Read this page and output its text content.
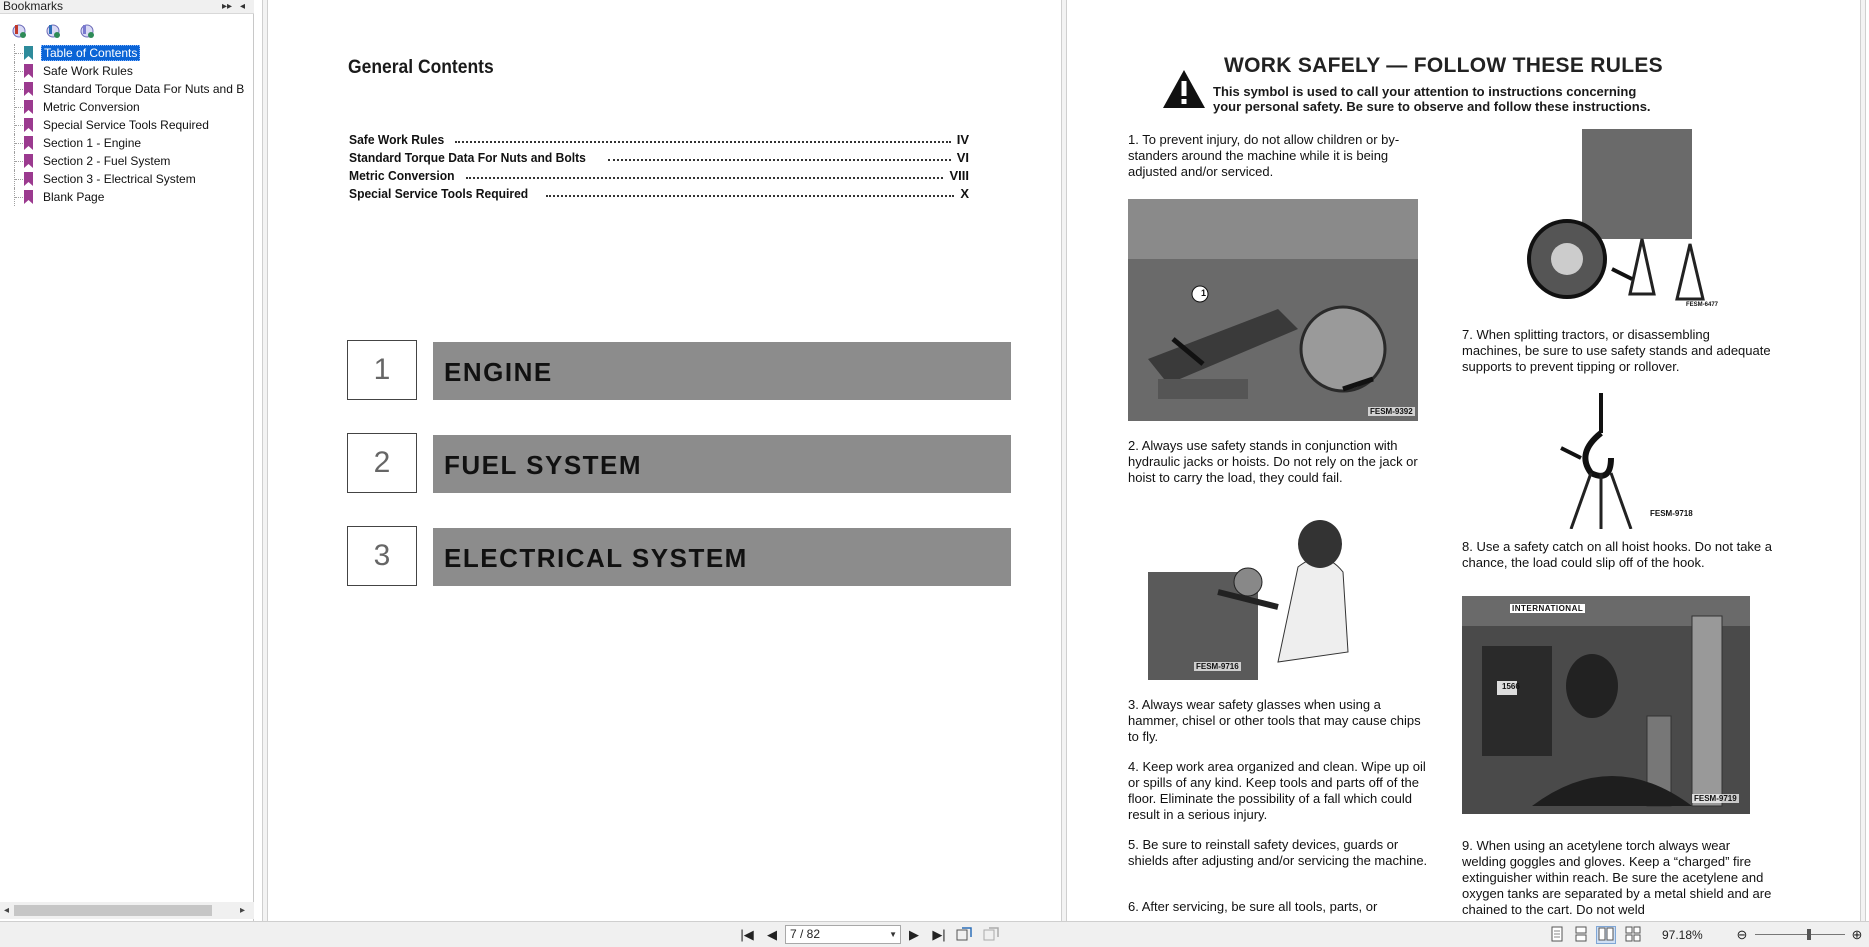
Bookmarks	▸▸ ◂
Table of Contents
Safe Work Rules
Standard Torque Data For Nuts and B
Metric Conversion
Special Service Tools Required
Section 1 - Engine
Section 2 - Fuel System
Section 3 - Electrical System
Blank Page
◂	▸
General Contents
Safe Work Rules	IV
Standard Torque Data For Nuts and Bolts	VI
Metric Conversion	VIII
Special Service Tools Required	X
1	ENGINE
2	FUEL SYSTEM
3	ELECTRICAL SYSTEM
WORK SAFELY — FOLLOW THESE RULES
This symbol is used to call your attention to instructions concerning your personal safety. Be sure to observe and follow these instructions.
1. To prevent injury, do not allow children or by-standers around the machine while it is being adjusted and/or serviced.
1
FESM-9392
2. Always use safety stands in conjunction with hydraulic jacks or hoists. Do not rely on the jack or hoist to carry the load, they could fail.
FESM-9716
3. Always wear safety glasses when using a hammer, chisel or other tools that may cause chips to fly.
4. Keep work area organized and clean. Wipe up oil or spills of any kind. Keep tools and parts off of the floor. Eliminate the possibility of a fall which could result in a serious injury.
5. Be sure to reinstall safety devices, guards or shields after adjusting and/or servicing the machine.
6. After servicing, be sure all tools, parts, or
FESM-6477
7. When splitting tractors, or disassembling machines, be sure to use safety stands and adequate supports to prevent tipping or rollover.
FESM-9718
8. Use a safety catch on all hoist hooks. Do not take a chance, the load could slip off of the hook.
INTERNATIONAL
1566
FESM-9719
9. When using an acetylene torch always wear welding goggles and gloves. Keep a “charged” fire extinguisher within reach. Be sure the acetylene and oxygen tanks are separated by a metal shield and are chained to the cart. Do not weld
|◀ ◀	7 / 82	▼ ▶ ▶|	97.18%	⊖	⊕
